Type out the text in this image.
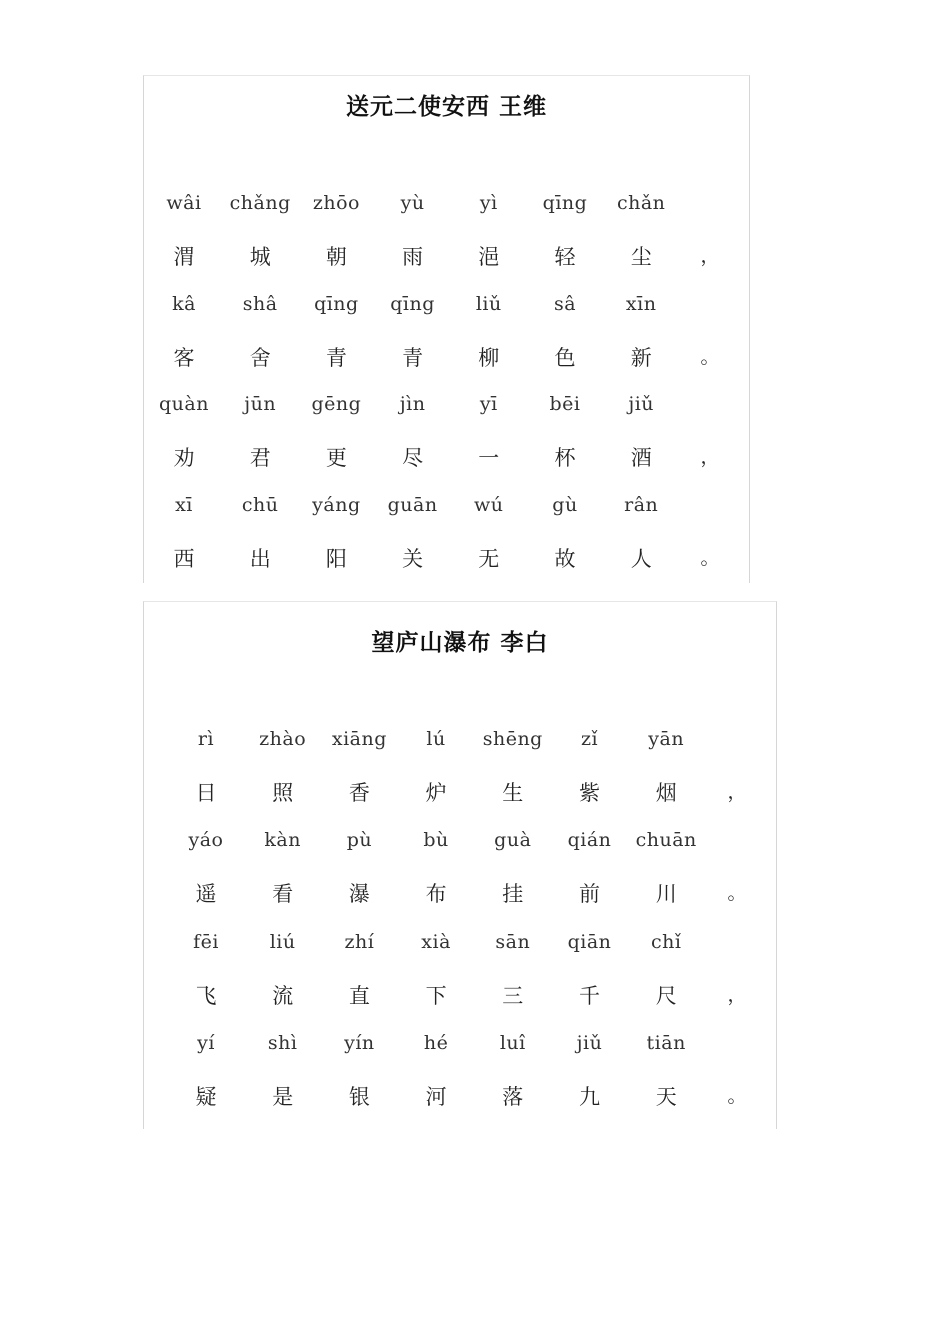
送元二使安西 王维
wâi	chǎng	zhōo	yù	yì	qīng	chǎn
渭	城	朝	雨	浥	轻	尘	，
kâ	shâ	qīng	qīng	liǔ	sâ	xīn
客	舍	青	青	柳	色	新	。
quàn	jūn	gēng	jìn	yī	bēi	jiǔ
劝	君	更	尽	一	杯	酒	，
xī	chū	yáng	guān	wú	gù	rân
西	出	阳	关	无	故	人	。
望庐山瀑布 李白
rì	zhào	xiāng	lú	shēng	zǐ	yān
日	照	香	炉	生	紫	烟	，
yáo	kàn	pù	bù	guà	qián	chuān
遥	看	瀑	布	挂	前	川	。
fēi	liú	zhí	xià	sān	qiān	chǐ
飞	流	直	下	三	千	尺	，
yí	shì	yín	hé	luî	jiǔ	tiān
疑	是	银	河	落	九	天	。
